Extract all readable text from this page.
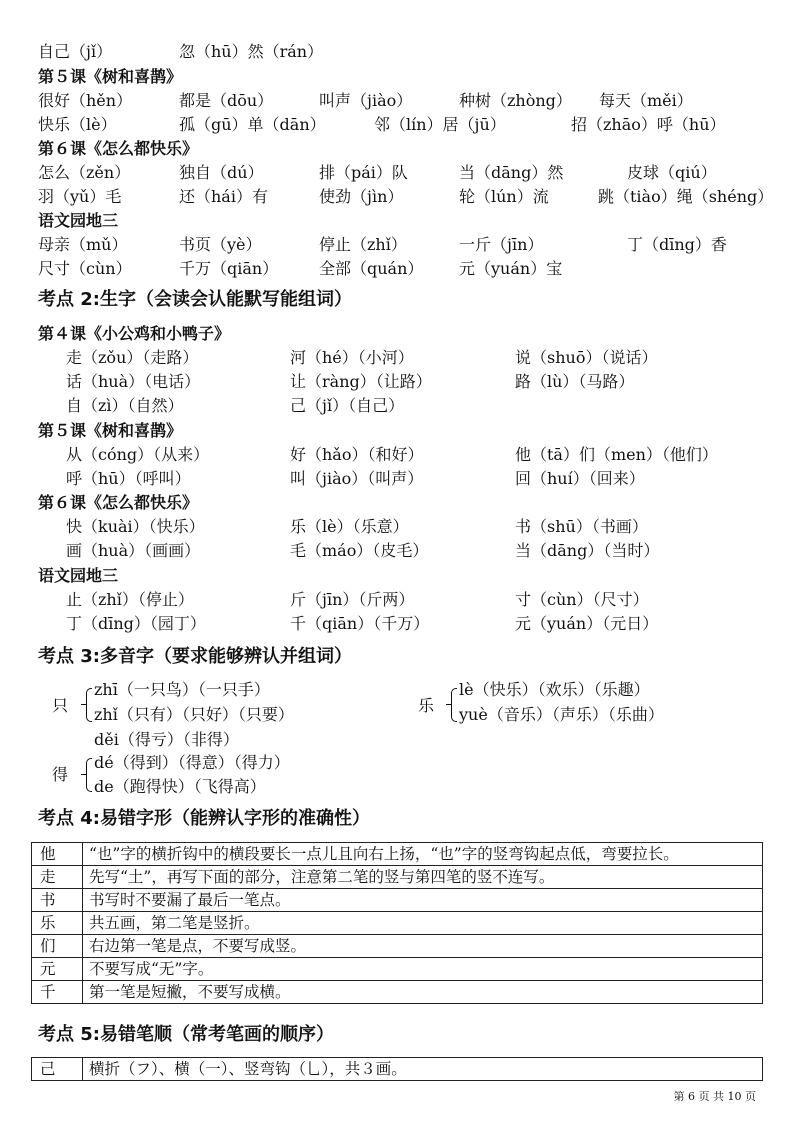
自己（jǐ）	忽（hū）然（rán）
第５课《树和喜鹊》
很好（hěn）	都是（dōu）	叫声（jiào）	种树（zhòng） 每天（měi）
快乐（lè）	孤（gū）单（dān）	邻（lín）居（jū）	招（zhāo）呼（hū）
第６课《怎么都快乐》
怎么（zěn）	独自（dú）	排（pái）队	当（dāng）然	皮球（qiú）
羽（yǔ）毛	还（hái）有	使劲（jìn）	轮（lún）流	跳（tiào）绳（shéng）
语文园地三
母亲（mǔ）	书页（yè）	停止（zhǐ）	一斤（jīn）	丁（dīng）香
尺寸（cùn）	千万（qiān）	全部（quán） 元（yuán）宝
考点 2:生字（会读会认能默写能组词）
第４课《小公鸡和小鸭子》
走（zǒu）（走路）	河（hé）（小河）	说（shuō）（说话）
话（huà）（电话）	让（ràng）（让路）	路（lù）（马路）
自（zì）（自然）	己（jǐ）（自己）
第５课《树和喜鹊》
从（cóng）（从来）	好（hǎo）（和好）	他（tā）们（men）（他们）
呼（hū）（呼叫）	叫（jiào）（叫声）	回（huí）（回来）
第６课《怎么都快乐》
快（kuài）（快乐）	乐（lè）（乐意）	书（shū）（书画）
画（huà）（画画）	毛（máo）（皮毛）	当（dāng）（当时）
语文园地三
止（zhǐ）（停止）	斤（jīn）（斤两）	寸（cùn）（尺寸）
丁（dīng）（园丁）	千（qiān）（千万）	元（yuán）（元日）
考点 3:多音字（要求能够辨认并组词）
只
zhī（一只鸟）（一只手）
zhǐ（只有）（只好）（只要）	乐
lè（快乐）（欢乐）（乐趣）
yuè（音乐）（声乐）（乐曲）
děi（得亏）（非得）
得
dé（得到）（得意）（得力）
de（跑得快）（飞得高）
考点 4:易错字形（能辨认字形的准确性）
他	“也”字的横折钩中的横段要长一点儿且向右上扬，“也”字的竖弯钩起点低，弯要拉长。
走	先写“土”，再写下面的部分，注意第二笔的竖与第四笔的竖不连写。
书	书写时不要漏了最后一笔点。
乐	共五画，第二笔是竖折。
们	右边第一笔是点，不要写成竖。
元	不要写成“无”字。
千	第一笔是短撇，不要写成横。
考点 5:易错笔顺（常考笔画的顺序）
己	横折（フ）、横（一）、竖弯钩（乚），共３画。
第 6 页 共 10 页
